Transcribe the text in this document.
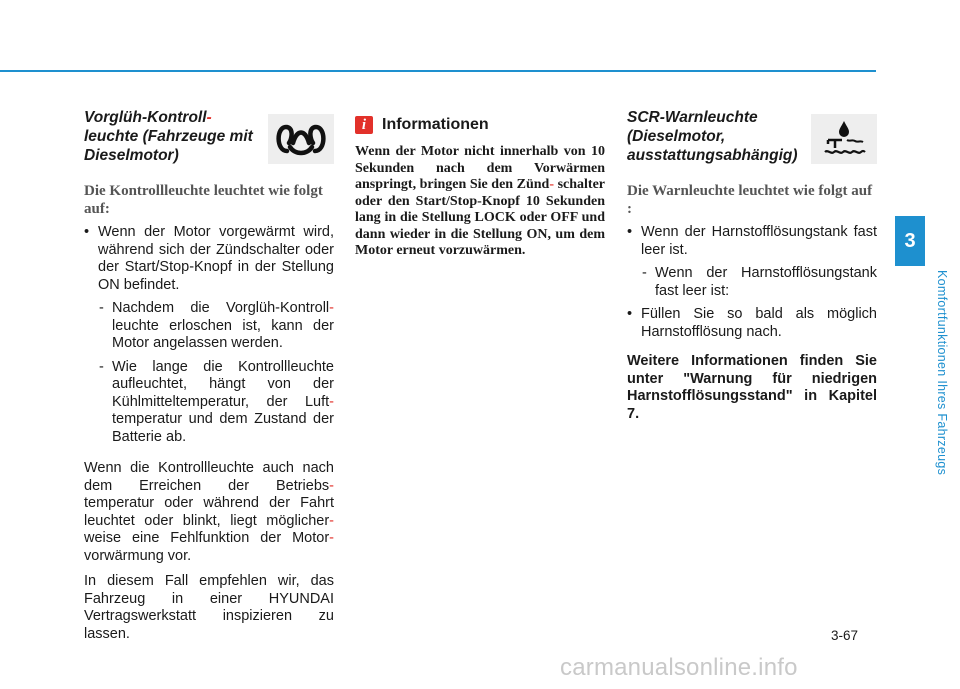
Vorglüh-Kontroll-
leuchte (Fahrzeuge mit
Dieselmotor)

Die Kontrollleuchte leuchtet wie folgt auf:

• Wenn der Motor vorgewärmt wird, während sich der Zündschalter oder der Start/Stop-Knopf in der Stellung ON befindet.
- Nachdem die Vorglüh-Kontroll- leuchte erloschen ist, kann der Motor angelassen werden.
- Wie lange die Kontrollleuchte aufleuchtet, hängt von der Kühlmitteltemperatur, der Luft- temperatur und dem Zustand der Batterie ab.

Wenn die Kontrollleuchte auch nach dem Erreichen der Betriebs- temperatur oder während der Fahrt leuchtet oder blinkt, liegt möglicher- weise eine Fehlfunktion der Motor- vorwärmung vor.

In diesem Fall empfehlen wir, das Fahrzeug in einer HYUNDAI Vertragswerkstatt inspizieren zu lassen.

i Informationen

Wenn der Motor nicht innerhalb von 10 Sekunden nach dem Vorwärmen anspringt, bringen Sie den Zünd- schalter oder den Start/Stop-Knopf 10 Sekunden lang in die Stellung LOCK oder OFF und dann wieder in die Stellung ON, um dem Motor erneut vorzuwärmen.

SCR-Warnleuchte
(Dieselmotor,
ausstattungsabhängig)

Die Warnleuchte leuchtet wie folgt auf :

• Wenn der Harnstofflösungstank fast leer ist.
- Wenn der Harnstofflösungstank fast leer ist:
• Füllen Sie so bald als möglich Harnstofflösung nach.

Weitere Informationen finden Sie unter "Warnung für niedrigen Harnstofflösungsstand" in Kapitel 7.

3
Komfortfunktionen Ihres Fahrzeugs
3-67
carmanualsonline.info
